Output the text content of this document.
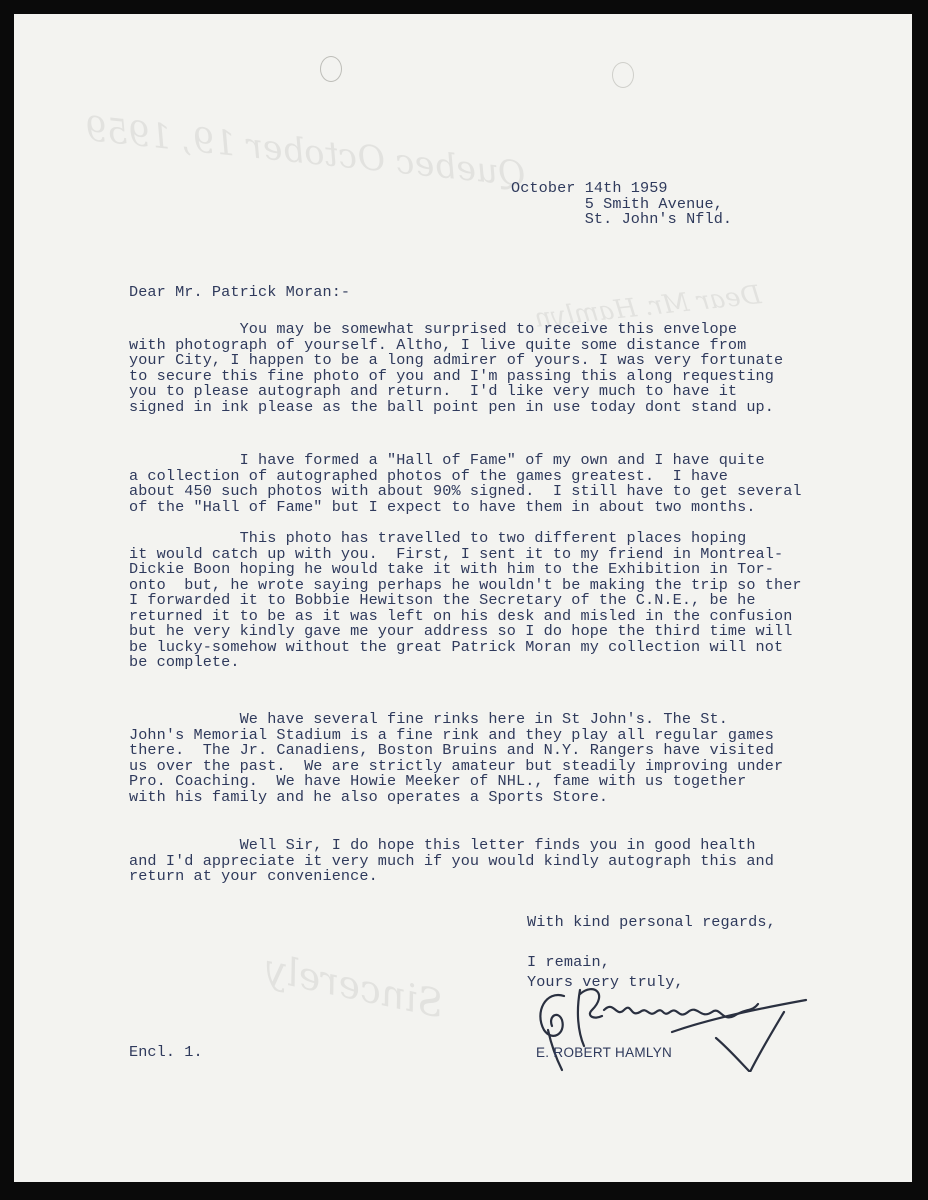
Quebec October 19, 1959
Dear Mr. Hamlyn
Sincerely
October 14th 1959
5 Smith Avenue,
St. John's Nfld.
Dear Mr. Patrick Moran:-
You may be somewhat surprised to receive this envelope
with photograph of yourself. Altho, I live quite some distance from
your City, I happen to be a long admirer of yours. I was very fortunate
to secure this fine photo of you and I'm passing this along requesting
you to please autograph and return.  I'd like very much to have it
signed in ink please as the ball point pen in use today dont stand up.
I have formed a "Hall of Fame" of my own and I have quite
a collection of autographed photos of the games greatest.  I have
about 450 such photos with about 90% signed.  I still have to get several
of the "Hall of Fame" but I expect to have them in about two months.
This photo has travelled to two different places hoping
it would catch up with you.  First, I sent it to my friend in Montreal-
Dickie Boon hoping he would take it with him to the Exhibition in Tor-
onto  but, he wrote saying perhaps he wouldn't be making the trip so ther
I forwarded it to Bobbie Hewitson the Secretary of the C.N.E., be he
returned it to be as it was left on his desk and misled in the confusion
but he very kindly gave me your address so I do hope the third time will
be lucky-somehow without the great Patrick Moran my collection will not
be complete.
We have several fine rinks here in St John's. The St.
John's Memorial Stadium is a fine rink and they play all regular games
there.  The Jr. Canadiens, Boston Bruins and N.Y. Rangers have visited
us over the past.  We are strictly amateur but steadily improving under
Pro. Coaching.  We have Howie Meeker of NHL., fame with us together
with his family and he also operates a Sports Store.
Well Sir, I do hope this letter finds you in good health
and I'd appreciate it very much if you would kindly autograph this and
return at your convenience.
With kind personal regards,

I remain,
Yours very truly,
Encl. 1.	E. ROBERT HAMLYN
